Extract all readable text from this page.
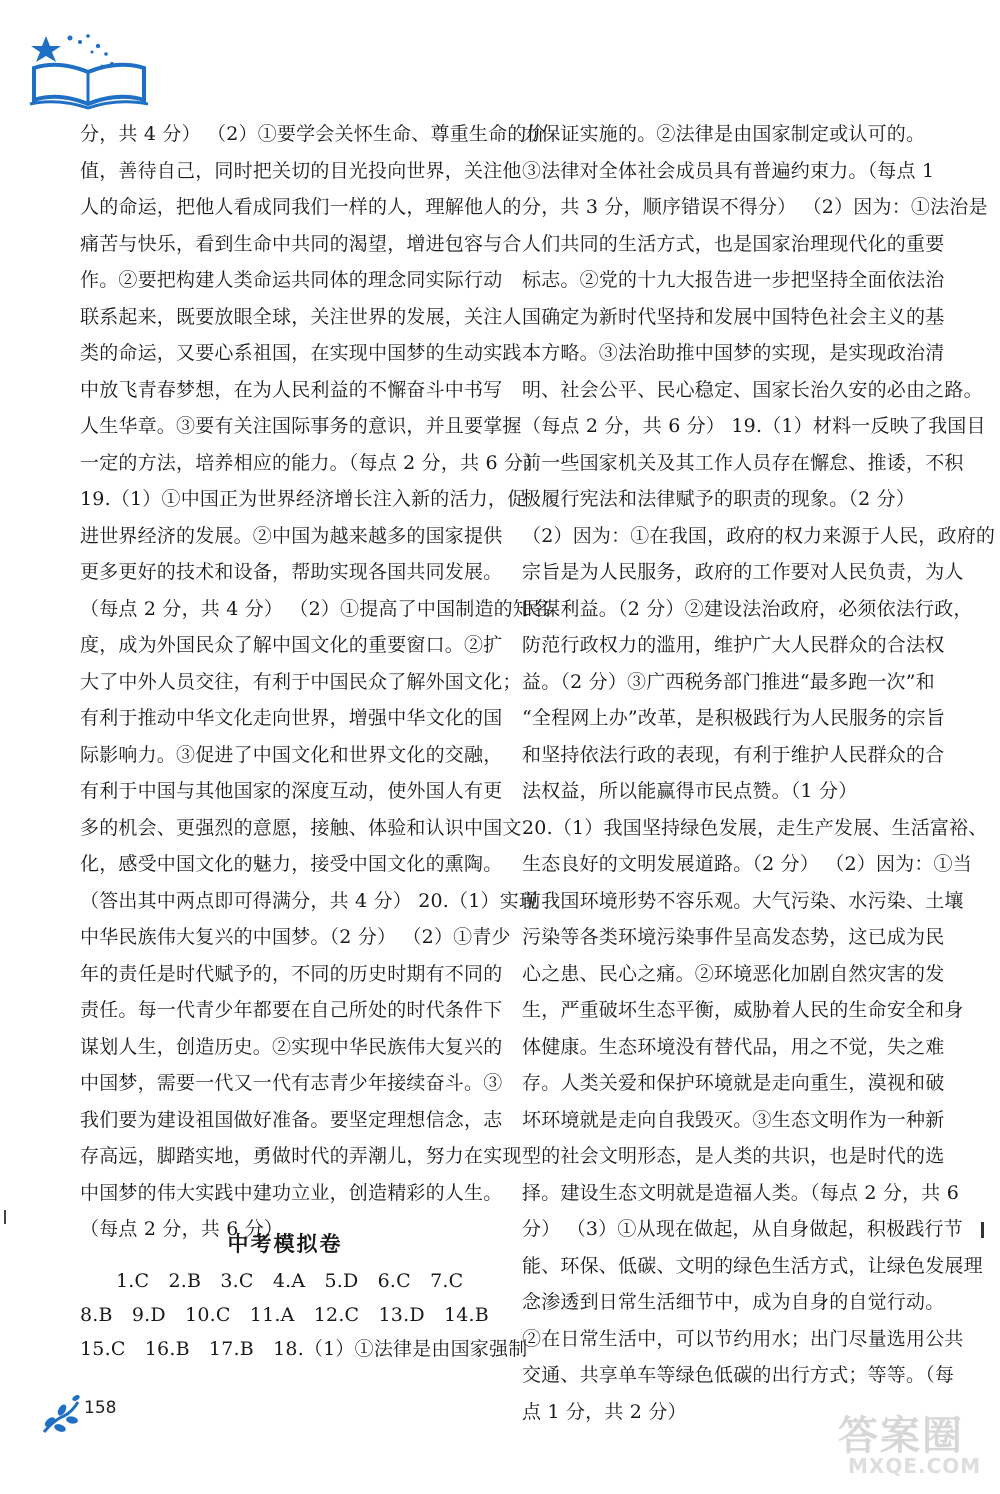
分，共 4 分） （2）①要学会关怀生命、尊重生命的价
值，善待自己，同时把关切的目光投向世界，关注他
人的命运，把他人看成同我们一样的人，理解他人的
痛苦与快乐，看到生命中共同的渴望，增进包容与合
作。②要把构建人类命运共同体的理念同实际行动
联系起来，既要放眼全球，关注世界的发展，关注人
类的命运，又要心系祖国，在实现中国梦的生动实践
中放飞青春梦想，在为人民利益的不懈奋斗中书写
人生华章。③要有关注国际事务的意识，并且要掌握
一定的方法，培养相应的能力。（每点 2 分，共 6 分）
19.（1）①中国正为世界经济增长注入新的活力，促
进世界经济的发展。②中国为越来越多的国家提供
更多更好的技术和设备，帮助实现各国共同发展。
（每点 2 分，共 4 分） （2）①提高了中国制造的知名
度，成为外国民众了解中国文化的重要窗口。②扩
大了中外人员交往，有利于中国民众了解外国文化；
有利于推动中华文化走向世界，增强中华文化的国
际影响力。③促进了中国文化和世界文化的交融，
有利于中国与其他国家的深度互动，使外国人有更
多的机会、更强烈的意愿，接触、体验和认识中国文
化，感受中国文化的魅力，接受中国文化的熏陶。
（答出其中两点即可得满分，共 4 分） 20.（1）实现
中华民族伟大复兴的中国梦。（2 分） （2）①青少
年的责任是时代赋予的，不同的历史时期有不同的
责任。每一代青少年都要在自己所处的时代条件下
谋划人生，创造历史。②实现中华民族伟大复兴的
中国梦，需要一代又一代有志青少年接续奋斗。③
我们要为建设祖国做好准备。要坚定理想信念，志
存高远，脚踏实地，勇做时代的弄潮儿，努力在实现
中国梦的伟大实践中建功立业，创造精彩的人生。
（每点 2 分，共 6 分）
中考模拟卷
1.C　2.B　3.C　4.A　5.D　6.C　7.C
8.B　9.D　10.C　11.A　12.C　13.D　14.B
15.C　16.B　17.B　18.（1）①法律是由国家强制
力保证实施的。②法律是由国家制定或认可的。
③法律对全体社会成员具有普遍约束力。（每点 1
分，共 3 分，顺序错误不得分） （2）因为：①法治是
人们共同的生活方式，也是国家治理现代化的重要
标志。②党的十九大报告进一步把坚持全面依法治
国确定为新时代坚持和发展中国特色社会主义的基
本方略。③法治助推中国梦的实现，是实现政治清
明、社会公平、民心稳定、国家长治久安的必由之路。
（每点 2 分，共 6 分） 19.（1）材料一反映了我国目
前一些国家机关及其工作人员存在懈怠、推诿，不积
极履行宪法和法律赋予的职责的现象。（2 分）
（2）因为：①在我国，政府的权力来源于人民，政府的
宗旨是为人民服务，政府的工作要对人民负责，为人
民谋利益。（2 分）②建设法治政府，必须依法行政，
防范行政权力的滥用，维护广大人民群众的合法权
益。（2 分）③广西税务部门推进“最多跑一次”和
“全程网上办”改革，是积极践行为人民服务的宗旨
和坚持依法行政的表现，有利于维护人民群众的合
法权益，所以能赢得市民点赞。（1 分）
20.（1）我国坚持绿色发展，走生产发展、生活富裕、
生态良好的文明发展道路。（2 分） （2）因为：①当
前我国环境形势不容乐观。大气污染、水污染、土壤
污染等各类环境污染事件呈高发态势，这已成为民
心之患、民心之痛。②环境恶化加剧自然灾害的发
生，严重破坏生态平衡，威胁着人民的生命安全和身
体健康。生态环境没有替代品，用之不觉，失之难
存。人类关爱和保护环境就是走向重生，漠视和破
坏环境就是走向自我毁灭。③生态文明作为一种新
型的社会文明形态，是人类的共识，也是时代的选
择。建设生态文明就是造福人类。（每点 2 分，共 6
分） （3）①从现在做起，从自身做起，积极践行节
能、环保、低碳、文明的绿色生活方式，让绿色发展理
念渗透到日常生活细节中，成为自身的自觉行动。
②在日常生活中，可以节约用水；出门尽量选用公共
交通、共享单车等绿色低碳的出行方式；等等。（每
点 1 分，共 2 分）
158
答案圈
MXQE.COM
